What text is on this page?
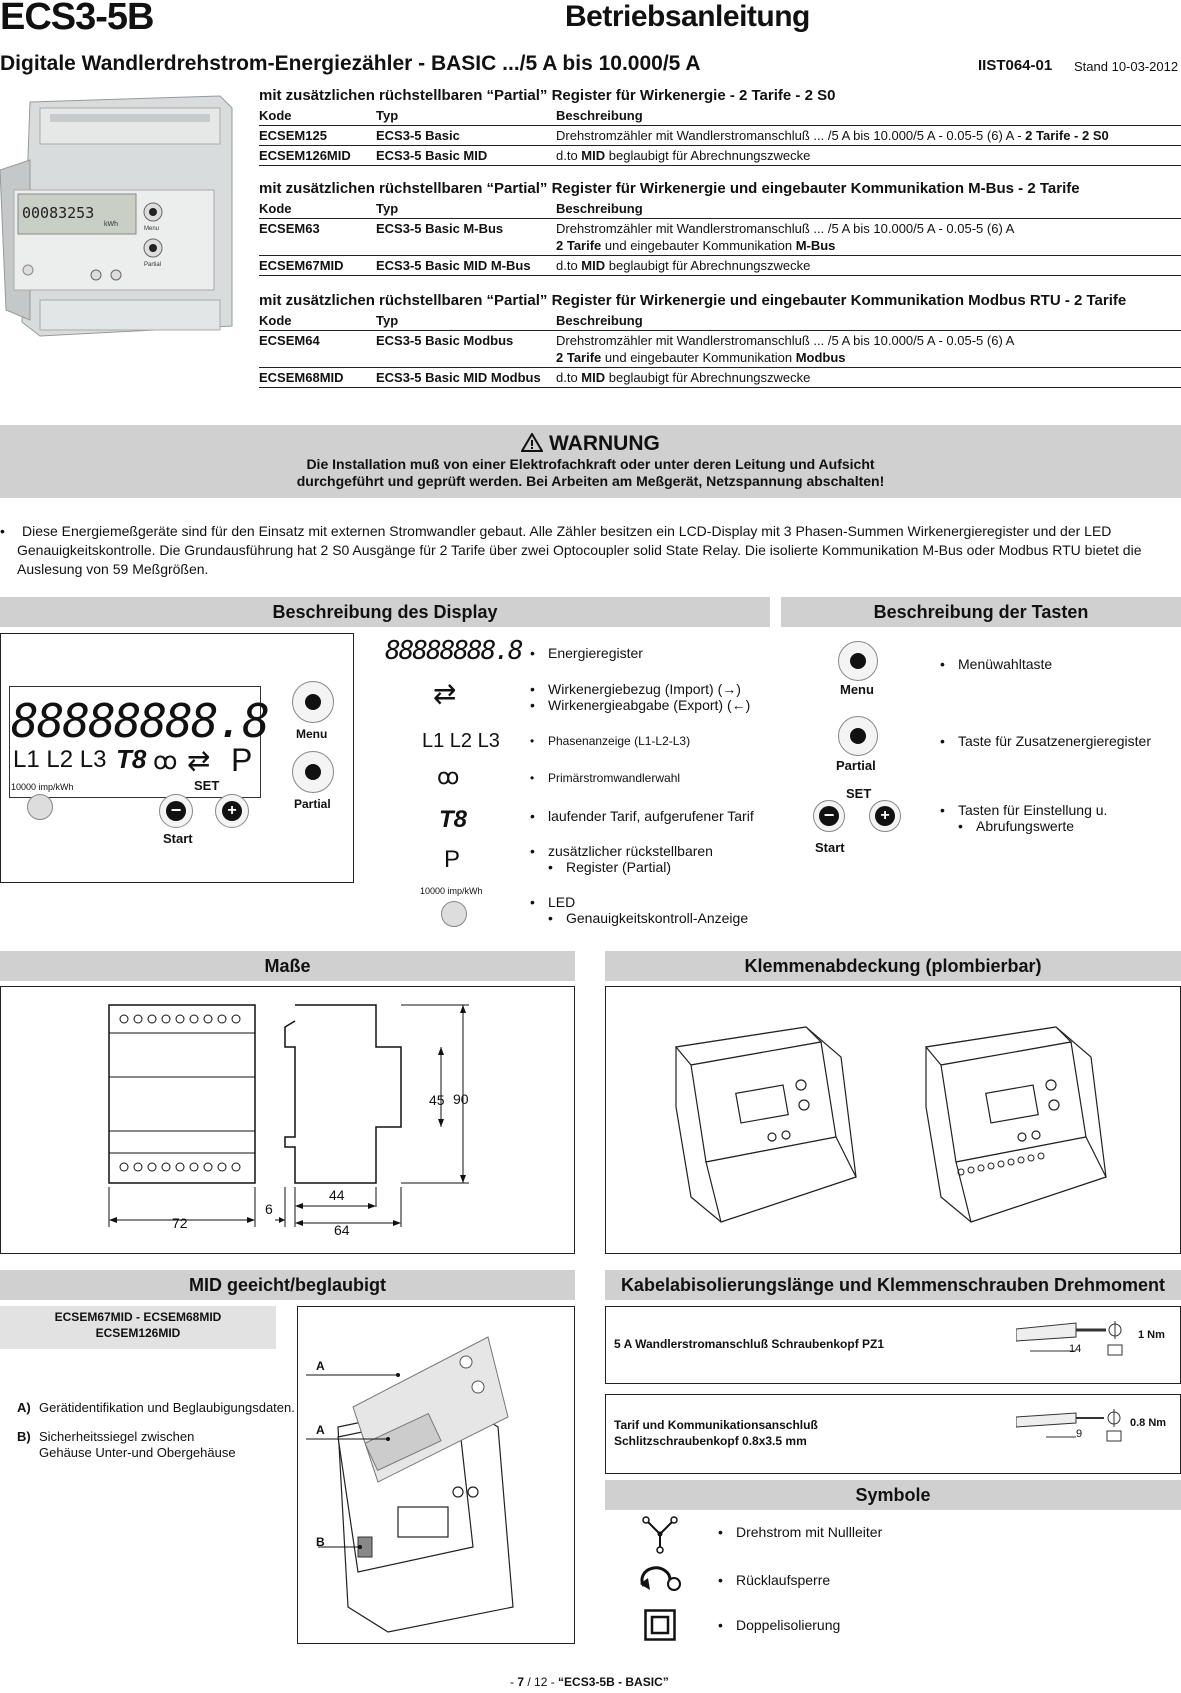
ECS3-5B	Betriebsanleitung
Digitale Wandlerdrehstrom-Energiezähler - BASIC .../5 A bis 10.000/5 A	IIST064-01 Stand 10-03-2012
00083253
kWh
Menu
Partial
mit zusätzlichen rüchstellbaren “Partial” Register für Wirkenergie - 2 Tarife - 2 S0
Kode	Typ	Beschreibung
ECSEM125	ECS3-5 Basic	Drehstromzähler mit Wandlerstromanschluß ... /5 A bis 10.000/5 A - 0.05-5 (6) A - 2 Tarife - 2 S0
ECSEM126MID	ECS3-5 Basic MID	d.to MID beglaubigt für Abrechnungszwecke
mit zusätzlichen rüchstellbaren “Partial” Register für Wirkenergie und eingebauter Kommunikation M-Bus - 2 Tarife
Kode	Typ	Beschreibung
ECSEM63	ECS3-5 Basic M-Bus	Drehstromzähler mit Wandlerstromanschluß ... /5 A bis 10.000/5 A - 0.05-5 (6) A
2 Tarife und eingebauter Kommunikation M-Bus
ECSEM67MID	ECS3-5 Basic MID M-Bus	d.to MID beglaubigt für Abrechnungszwecke
mit zusätzlichen rüchstellbaren “Partial” Register für Wirkenergie und eingebauter Kommunikation Modbus RTU - 2 Tarife
Kode	Typ	Beschreibung
ECSEM64	ECS3-5 Basic Modbus	Drehstromzähler mit Wandlerstromanschluß ... /5 A bis 10.000/5 A - 0.05-5 (6) A
2 Tarife und eingebauter Kommunikation Modbus
ECSEM68MID	ECS3-5 Basic MID Modbus	d.to MID beglaubigt für Abrechnungszwecke
WARNUNG
Die Installation muß von einer Elektrofachkraft oder unter deren Leitung und Aufsicht
durchgeführt und geprüft werden. Bei Arbeiten am Meßgerät, Netzspannung abschalten!
• Diese Energiemeßgeräte sind für den Einsatz mit externen Stromwandler gebaut. Alle Zähler besitzen ein LCD-Display mit 3 Phasen-Summen Wirkenergieregister und der LED Genauigkeitskontrolle. Die Grundausführung hat 2 S0 Ausgänge für 2 Tarife über zwei Optocoupler solid State Relay. Die isolierte Kommunikation M-Bus oder Modbus RTU bietet die Auslesung von 59 Meßgrößen.
Beschreibung des Display
88888888.8
L1 L2 L3 T8 ꝏ ⇄ P
Menu
Partial
10000 imp/kWh	SET
−	+
Start
88888888.8	• Energieregister
⇄	• Wirkenergiebezug (Import) (→)
• Wirkenergieabgabe (Export) (←)
L1 L2 L3	• Phasenanzeige (L1-L2-L3)
ꝏ	• Primärstromwandlerwahl
T8	• laufender Tarif, aufgerufener Tarif
P	• zusätzlicher rückstellbaren
• Register (Partial)
10000 imp/kWh
• LED
• Genauigkeitskontroll-Anzeige
Beschreibung der Tasten
Menu
• Menüwahltaste
Partial
• Taste für Zusatzenergieregister
SET
−	+
Start
• Tasten für Einstellung u.
• Abrufungswerte
Maße
72
6
44
64
45 90
Klemmenabdeckung (plombierbar)
MID geeicht/beglaubigt
ECSEM67MID - ECSEM68MID
ECSEM126MID
A) Gerätidentifikation und Beglaubigungsdaten.
B) Sicherheitssiegel zwischen
Gehäuse Unter-und Obergehäuse
A
A
B
Kabelabisolierungslänge und Klemmenschrauben Drehmoment
5 A Wandlerstromanschluß Schraubenkopf PZ1	14
1 Nm
Tarif und Kommunikationsanschluß
Schlitzschraubenkopf 0.8x3.5 mm	9
0.8 Nm
Symbole
• Drehstrom mit Nullleiter
• Rücklaufsperre
• Doppelisolierung
- 7 / 12 - “ECS3-5B - BASIC”
